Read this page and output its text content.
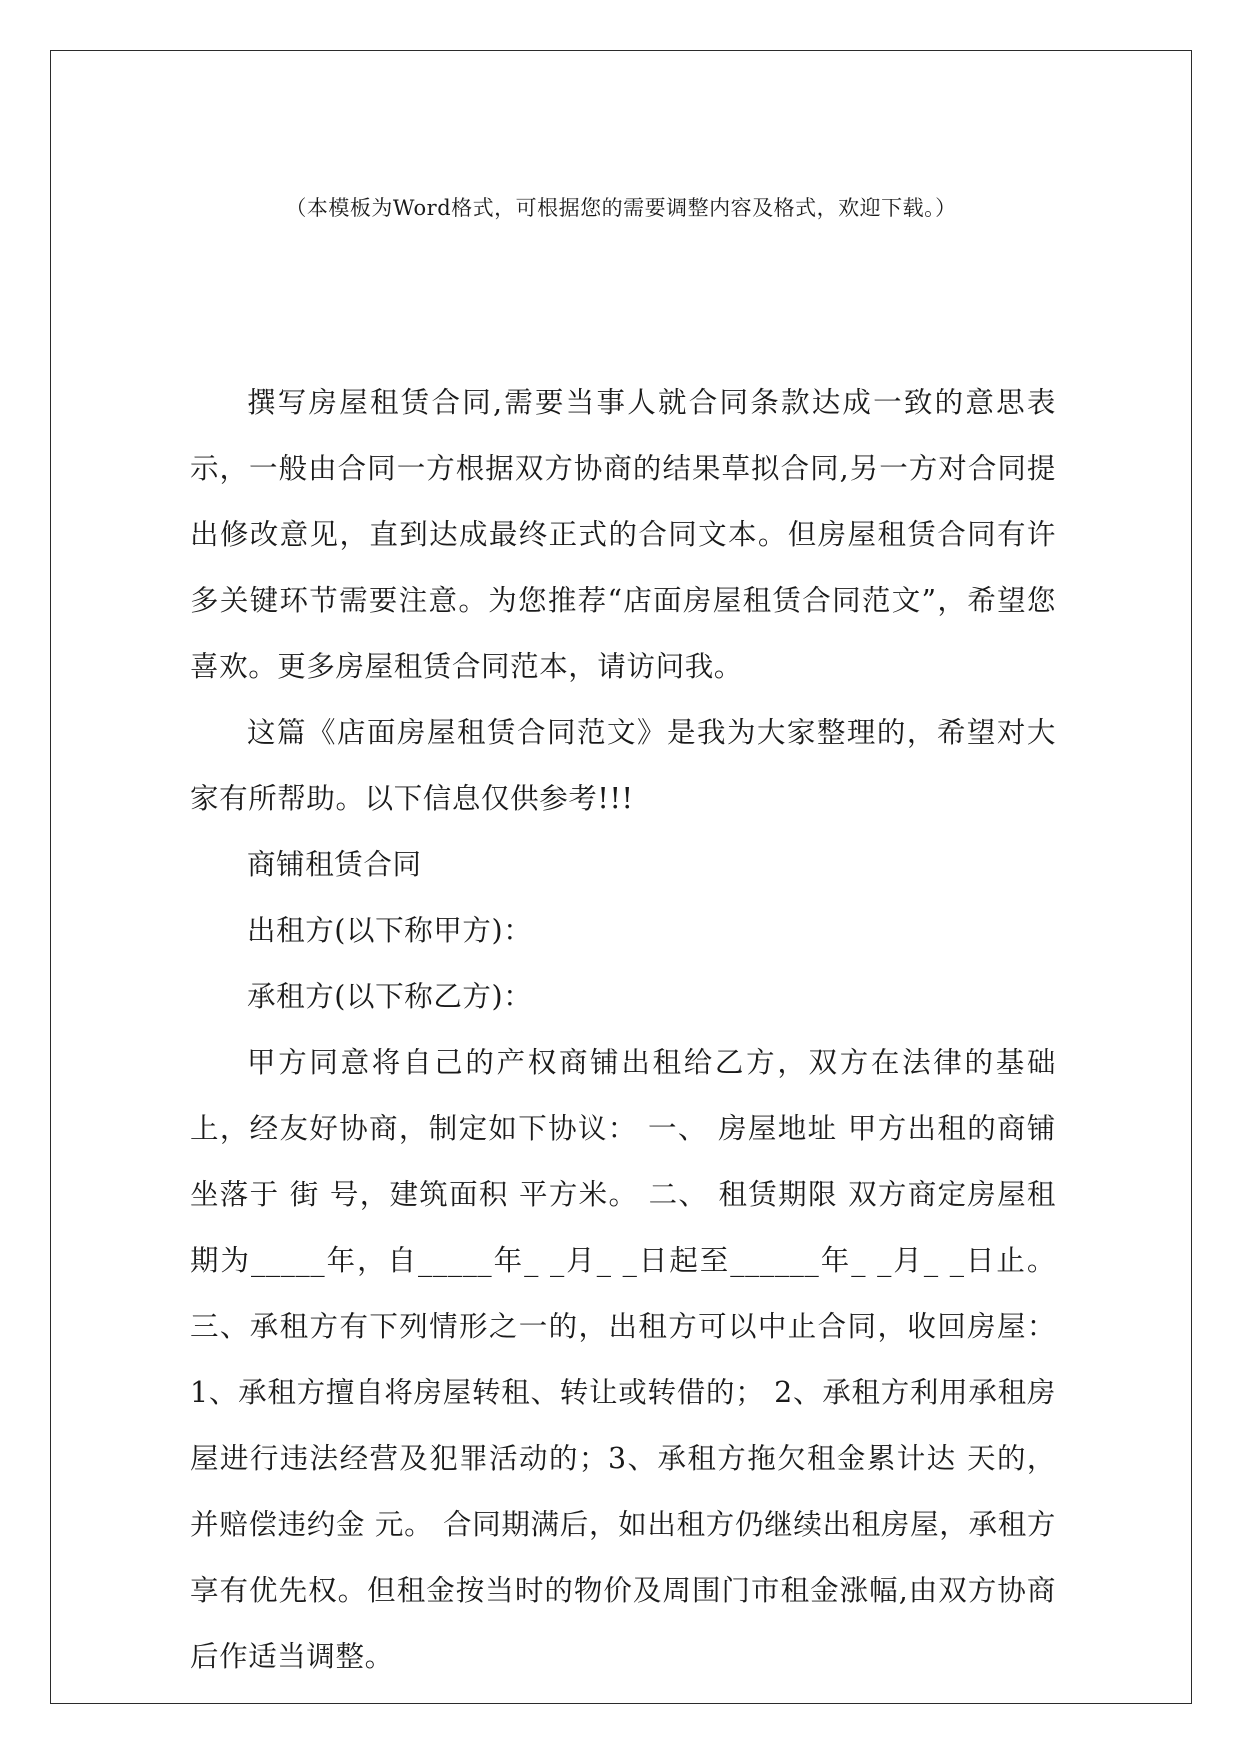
（本模板为Word格式，可根据您的需要调整内容及格式，欢迎下载。）

撰写房屋租赁合同,需要当事人就合同条款达成一致的意思表示，一般由合同一方根据双方协商的结果草拟合同,另一方对合同提出修改意见，直到达成最终正式的合同文本。但房屋租赁合同有许多关键环节需要注意。为您推荐“店面房屋租赁合同范文”，希望您喜欢。更多房屋租赁合同范本，请访问我。

这篇《店面房屋租赁合同范文》是我为大家整理的，希望对大家有所帮助。以下信息仅供参考!!!

商铺租赁合同

出租方(以下称甲方)：

承租方(以下称乙方)：

甲方同意将自己的产权商铺出租给乙方，双方在法律的基础上，经友好协商，制定如下协议： 一、 房屋地址 甲方出租的商铺坐落于 街 号，建筑面积 平方米。 二、 租赁期限 双方商定房屋租期为_____年，自_____年_ _月_ _日起至______年_ _月_ _日止。 三、承租方有下列情形之一的，出租方可以中止合同，收回房屋： 1、承租方擅自将房屋转租、转让或转借的； 2、承租方利用承租房屋进行违法经营及犯罪活动的；3、承租方拖欠租金累计达 天的，并赔偿违约金 元。 合同期满后，如出租方仍继续出租房屋，承租方享有优先权。但租金按当时的物价及周围门市租金涨幅,由双方协商后作适当调整。
